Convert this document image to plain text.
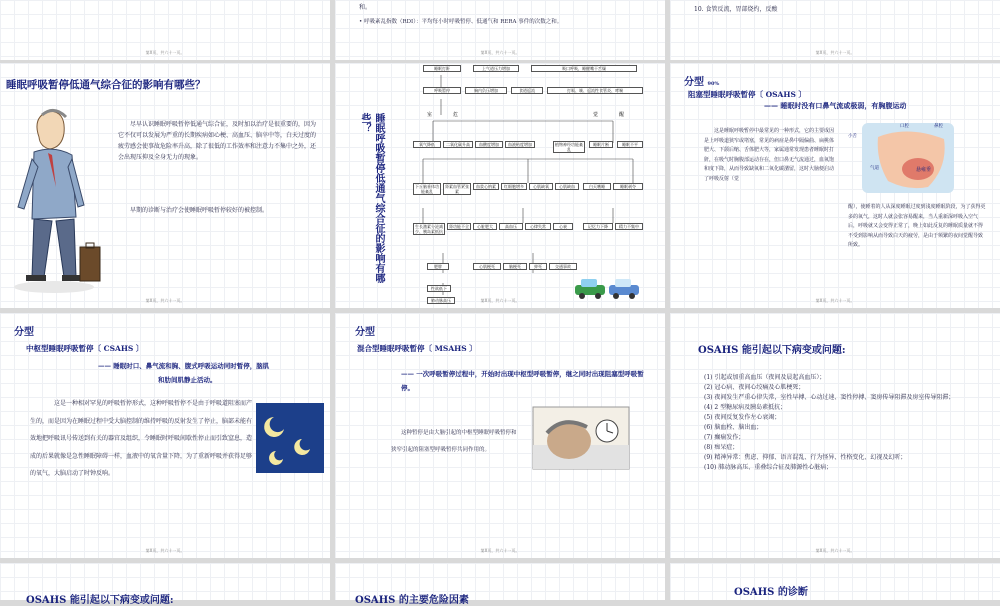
第X页，共六十一页。
和。
• 呼吸紊乱指数（RDI）：平均每小时呼吸暂停、低通气和 RERA 事件的次数之和。
第X页，共六十一页。
10. 食管反流，胃部烧灼，反酸
第X页，共六十一页。
睡眠呼吸暂停低通气综合征的影响有哪些？
尽早认识睡眠呼吸暂停低通气综合征，及时加以治疗是很重要的，因为它不仅可以发展为严重的长期疾病如心梗、高血压、脑卒中等，白天过度的疲劳感会使事故危险率升高，除了很低的工作效率和注意力不集中之外，还会出现压抑及全身无力的现象。
早期的诊断与治疗会使睡眠呼吸暂停较好的被控制。
第X页，共六十一页。
睡眠呼吸暂停低通气综合征的影响有哪些？
睡眠打鼾	上气道压力增加	吸口呼吸，睡醒嘴干舌燥
呼吸暂停	胸内负压增加	食道返流	打嗝、咳、返流性食管炎、哮喘
室	危	觉	醒
氧气降低	二氧化碳升高	血酸度增加	血液粘度增加	植物神经功能紊乱
睡眠片断	睡眠不平
下丘脑垂体功能紊乱
肾素血管紧张素
血浆心钠素	红细胞增多	心肌缺氧	心肌缺血	白天嗜睡	睡眠剥夺
生长激素分泌减少、胰岛素抵抗
肾功能不全	心脏肥大	高血压	心律失常	心衰	记忆力下降	精力不集中
肥胖	心肌梗死	脑梗死	猝死	交通事故
性欲低下
肺动脉高压	第X页，共六十一页。
分型 90%
阻塞型睡眠呼吸暂停〔 OSAHS 〕
—— 睡眠时没有口鼻气流或极弱，有胸腹运动
这是睡眠呼吸暂停中最常见的一种形式，它的主要成因是上呼吸道狭窄或堵塞，常见的病症是鼻中隔偏曲、扁桃体肥大、下颌后缩、舌体肥大等，家属通常发现患者睡眠时打鼾，在吸气时胸腹部运动存在，但口鼻无气流通过，血氧饱和度下降，从而导致缺氧和二氧化碳潴留，这时大脑便启动了呼吸反射（觉
悬雍垂
口腔	鼻腔
小舌
气道
醒），使睡着的人从深度睡眠过度到浅度睡眠阶段，为了获得更多的氧气，这时人就会张容易醒来，当人重新深呼吸入空气后，呼吸就又会变得正常了，晚上如此反复的睡眠质量就不得不受到影响从而导致白天的疲劳，是由于频繁的夜间觉醒导致所致。
第X页，共六十一页。
分型
中枢型睡眠呼吸暂停〔 CSAHS 〕
—— 睡眠时口、鼻气流和胸、腹式呼吸运动同时暂停，脑肌
和肋间肌静止活动。
这是一种相对罕见的呼吸暂停形式，这种呼吸暂停不是由于呼吸道阻塞而产生的，而是因为在睡眠过程中受大脑控制的维持呼吸的反射发生了停止，脑部未能有效地把呼吸讯号传送到有关的器官及组织，令睡眠时呼吸间歇性停止而引致窒息，造成的后果就像是急性睡眠障碍一样，血液中的氧含量下降，为了重新呼吸并获得足够的氧气，大脑启动了时钟反响。
第X页，共六十一页。
分型
混合型睡眠呼吸暂停〔 MSAHS 〕
—— 一次呼吸暂停过程中，开始时出现中枢型呼吸暂停，继之同时出现阻塞型呼吸暂停。
这种暂停是由大脑引起的中枢型睡眠呼吸暂停和狭窄引起的阻塞型呼吸暂停共同作用的。
第X页，共六十一页。
OSAHS 能引起以下病变或问题:
(1) 引起或加重高血压（夜间及晨起高血压）；
(2) 冠心病、夜间心绞痛及心肌梗死；
(3) 夜间发生严重心律失常，室性早搏、心动过速、窦性停搏、窦房传导阻滞及房室传导阻滞；
(4) 2 型糖尿病及胰岛素抵抗；
(5) 夜间反复发作左心衰竭；
(6) 脑血栓、脑出血；
(7) 癫痫发作；
(8) 痴呆症；
(9) 精神异常：焦虑、抑郁、语言混乱、行为怪异、性格变化、幻视及幻听；
(10) 肺动脉高压、重叠综合征及肺源性心脏病；
第X页，共六十一页。
OSAHS 能引起以下病变或问题:	OSAHS 的主要危险因素
OSAHS 的诊断
